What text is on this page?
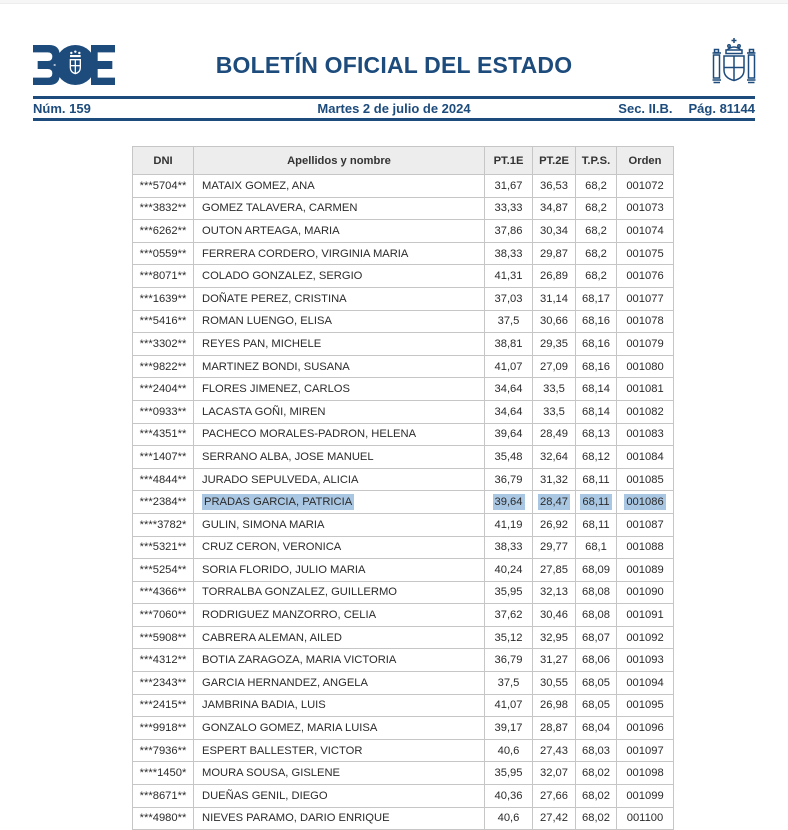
BOLETÍN OFICIAL DEL ESTADO
Núm. 159	Martes 2 de julio de 2024	Sec. II.B. Pág. 81144
DNI	Apellidos y nombre	PT.1E	PT.2E	T.P.S.	Orden
***5704**	MATAIX GOMEZ, ANA	31,67	36,53	68,2	001072
***3832**	GOMEZ TALAVERA, CARMEN	33,33	34,87	68,2	001073
***6262**	OUTON ARTEAGA, MARIA	37,86	30,34	68,2	001074
***0559**	FERRERA CORDERO, VIRGINIA MARIA	38,33	29,87	68,2	001075
***8071**	COLADO GONZALEZ, SERGIO	41,31	26,89	68,2	001076
***1639**	DOÑATE PEREZ, CRISTINA	37,03	31,14	68,17	001077
***5416**	ROMAN LUENGO, ELISA	37,5	30,66	68,16	001078
***3302**	REYES PAN, MICHELE	38,81	29,35	68,16	001079
***9822**	MARTINEZ BONDI, SUSANA	41,07	27,09	68,16	001080
***2404**	FLORES JIMENEZ, CARLOS	34,64	33,5	68,14	001081
***0933**	LACASTA GOÑI, MIREN	34,64	33,5	68,14	001082
***4351**	PACHECO MORALES-PADRON, HELENA	39,64	28,49	68,13	001083
***1407**	SERRANO ALBA, JOSE MANUEL	35,48	32,64	68,12	001084
***4844**	JURADO SEPULVEDA, ALICIA	36,79	31,32	68,11	001085
***2384**	PRADAS GARCIA, PATRICIA	39,64	28,47	68,11	001086
****3782*	GULIN, SIMONA MARIA	41,19	26,92	68,11	001087
***5321**	CRUZ CERON, VERONICA	38,33	29,77	68,1	001088
***5254**	SORIA FLORIDO, JULIO MARIA	40,24	27,85	68,09	001089
***4366**	TORRALBA GONZALEZ, GUILLERMO	35,95	32,13	68,08	001090
***7060**	RODRIGUEZ MANZORRO, CELIA	37,62	30,46	68,08	001091
***5908**	CABRERA ALEMAN, AILED	35,12	32,95	68,07	001092
***4312**	BOTIA ZARAGOZA, MARIA VICTORIA	36,79	31,27	68,06	001093
***2343**	GARCIA HERNANDEZ, ANGELA	37,5	30,55	68,05	001094
***2415**	JAMBRINA BADIA, LUIS	41,07	26,98	68,05	001095
***9918**	GONZALO GOMEZ, MARIA LUISA	39,17	28,87	68,04	001096
***7936**	ESPERT BALLESTER, VICTOR	40,6	27,43	68,03	001097
****1450*	MOURA SOUSA, GISLENE	35,95	32,07	68,02	001098
***8671**	DUEÑAS GENIL, DIEGO	40,36	27,66	68,02	001099
***4980**	NIEVES PARAMO, DARIO ENRIQUE	40,6	27,42	68,02	001100
